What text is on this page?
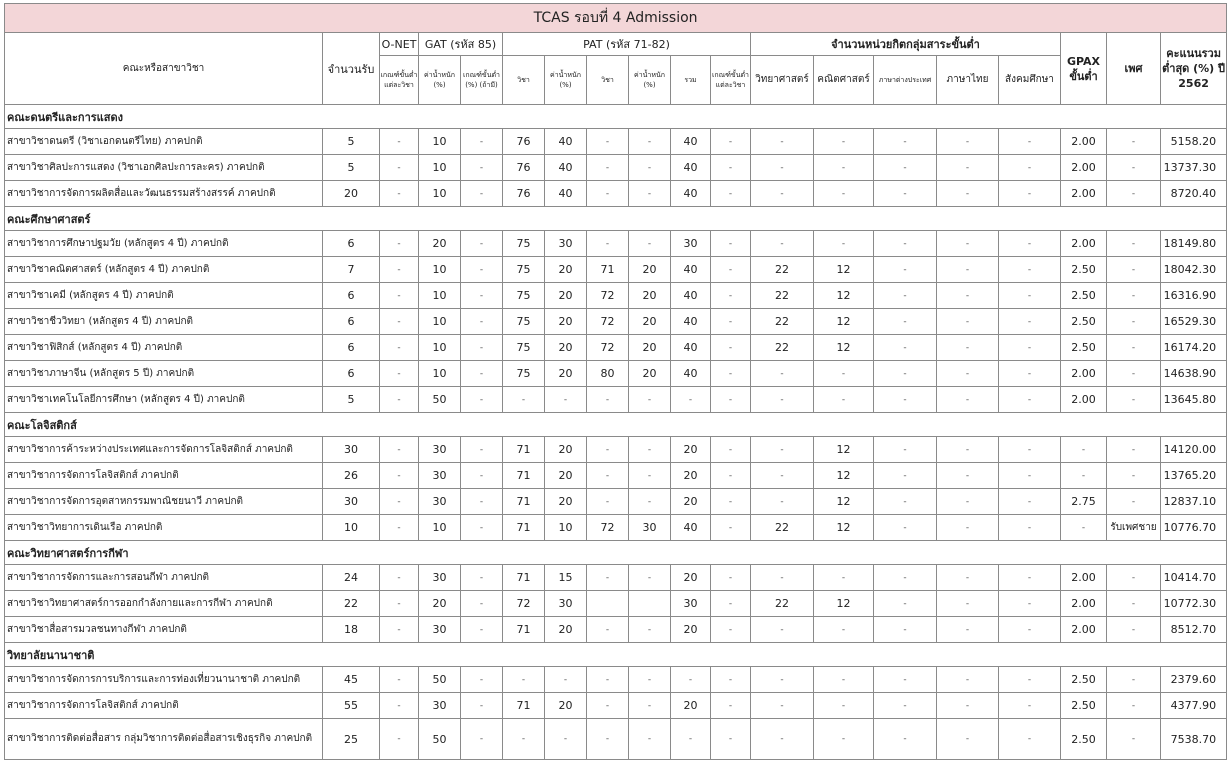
TCAS รอบที่ 4 Admission																		
คณะหรือสาขาวิชา	จำนวนรับ	O-NET	GAT (รหัส 85)		PAT (รหัส 71-82)						จำนวนหน่วยกิตกลุ่มสาระขั้นต่ำ					GPAX ขั้นต่ำ	เพศ	คะแนนรวม ต่ำสุด (%) ปี 2562
		เกณฑ์ขั้นต่ำแต่ละวิชา	ค่าน้ำหนัก (%)	เกณฑ์ขั้นต่ำ (%) (ถ้ามี)	วิชา	ค่าน้ำหนัก (%)	วิชา	ค่าน้ำหนัก (%)	รวม	เกณฑ์ขั้นต่ำแต่ละวิชา	วิทยาศาสตร์	คณิตศาสตร์	ภาษาต่างประเทศ	ภาษาไทย	สังคมศึกษา			
คณะดนตรีและการแสดง																		
สาขาวิชาดนตรี (วิชาเอกดนตรีไทย) ภาคปกติ	5	-	10	-	76	40	-	-	40	-	-	-	-	-	-	2.00	-	5158.20
สาขาวิชาศิลปะการแสดง (วิชาเอกศิลปะการละคร) ภาคปกติ	5	-	10	-	76	40	-	-	40	-	-	-	-	-	-	2.00	-	13737.30
สาขาวิชาการจัดการผลิตสื่อและวัฒนธรรมสร้างสรรค์ ภาคปกติ	20	-	10	-	76	40	-	-	40	-	-	-	-	-	-	2.00	-	8720.40
คณะศึกษาศาสตร์																		
สาขาวิชาการศึกษาปฐมวัย (หลักสูตร 4 ปี) ภาคปกติ	6	-	20	-	75	30	-	-	30	-	-	-	-	-	-	2.00	-	18149.80
สาขาวิชาคณิตศาสตร์ (หลักสูตร 4 ปี) ภาคปกติ	7	-	10	-	75	20	71	20	40	-	22	12	-	-	-	2.50	-	18042.30
สาขาวิชาเคมี (หลักสูตร 4 ปี) ภาคปกติ	6	-	10	-	75	20	72	20	40	-	22	12	-	-	-	2.50	-	16316.90
สาขาวิชาชีววิทยา (หลักสูตร 4 ปี) ภาคปกติ	6	-	10	-	75	20	72	20	40	-	22	12	-	-	-	2.50	-	16529.30
สาขาวิชาฟิสิกส์ (หลักสูตร 4 ปี) ภาคปกติ	6	-	10	-	75	20	72	20	40	-	22	12	-	-	-	2.50	-	16174.20
สาขาวิชาภาษาจีน (หลักสูตร 5 ปี) ภาคปกติ	6	-	10	-	75	20	80	20	40	-	-	-	-	-	-	2.00	-	14638.90
สาขาวิชาเทคโนโลยีการศึกษา (หลักสูตร 4 ปี) ภาคปกติ	5	-	50	-	-	-	-	-	-	-	-	-	-	-	-	2.00	-	13645.80
คณะโลจิสติกส์																		
สาขาวิชาการค้าระหว่างประเทศและการจัดการโลจิสติกส์ ภาคปกติ	30	-	30	-	71	20	-	-	20	-	-	12	-	-	-	-	-	14120.00
สาขาวิชาการจัดการโลจิสติกส์ ภาคปกติ	26	-	30	-	71	20	-	-	20	-	-	12	-	-	-	-	-	13765.20
สาขาวิชาการจัดการอุตสาหกรรมพาณิชยนาวี ภาคปกติ	30	-	30	-	71	20	-	-	20	-	-	12	-	-	-	2.75	-	12837.10
สาขาวิชาวิทยาการเดินเรือ ภาคปกติ	10	-	10	-	71	10	72	30	40	-	22	12	-	-	-	-	รับเพศชาย	10776.70
คณะวิทยาศาสตร์การกีฬา																		
สาขาวิชาการจัดการและการสอนกีฬา ภาคปกติ	24	-	30	-	71	15	-	-	20	-	-	-	-	-	-	2.00	-	10414.70
สาขาวิชาวิทยาศาสตร์การออกกำลังกายและการกีฬา ภาคปกติ	22	-	20	-	72	30			30	-	22	12	-	-	-	2.00	-	10772.30
สาขาวิชาสื่อสารมวลชนทางกีฬา ภาคปกติ	18	-	30	-	71	20	-	-	20	-	-	-	-	-	-	2.00	-	8512.70
วิทยาลัยนานาชาติ																		
สาขาวิชาการจัดการการบริการและการท่องเที่ยวนานาชาติ ภาคปกติ	45	-	50	-	-	-	-	-	-	-	-	-	-	-	-	2.50	-	2379.60
สาขาวิชาการจัดการโลจิสติกส์ ภาคปกติ	55	-	30	-	71	20	-	-	20	-	-	-	-	-	-	2.50	-	4377.90
สาขาวิชาการติดต่อสื่อสาร กลุ่มวิชาการติดต่อสื่อสารเชิงธุรกิจ ภาคปกติ	25	-	50	-	-	-	-	-	-	-	-	-	-	-	-	2.50	-	7538.70
